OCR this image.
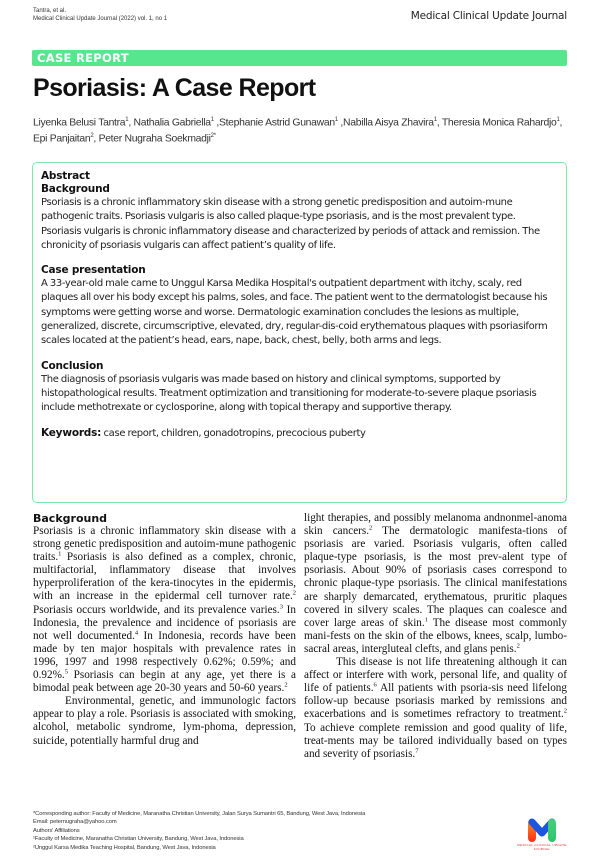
Tantra, et al.
Medical Clinical Update Journal (2022) vol. 1, no 1	Medical Clinical Update Journal
CASE REPORT
Psoriasis: A Case Report
Liyenka Belusi Tantra$^1$, Nathalia Gabriella$^1$ ,Stephanie Astrid Gunawan$^1$ ,Nabilla Aisya Zhavira$^1$, Theresia Monica Rahardjo$^1$, Epi Panjaitan$^2$, Peter Nugraha Soekmadji$^{2*}$
Abstract
Background

Psoriasis is a chronic inflammatory skin disease with a strong genetic predisposition and autoim-mune pathogenic traits. Psoriasis vulgaris is also called plaque-type psoriasis, and is the most prevalent type. Psoriasis vulgaris is chronic inflammatory disease and characterized by periods of attack and remission. The chronicity of psoriasis vulgaris can affect patient’s quality of life.

Case presentation

A 33-year-old male came to Unggul Karsa Medika Hospital's outpatient department with itchy, scaly, red plaques all over his body except his palms, soles, and face. The patient went to the dermatologist because his symptoms were getting worse and worse. Dermatologic examination concludes the lesions as multiple, generalized, discrete, circumscriptive, elevated, dry, regular-dis-coid erythematous plaques with psoriasiform scales located at the patient’s head, ears, nape, back, chest, belly, both arms and legs.

Conclusion

The diagnosis of psoriasis vulgaris was made based on history and clinical symptoms, supported by histopathological results. Treatment optimization and transitioning for moderate-to-severe plaque psoriasis include methotrexate or cyclosporine, along with topical therapy and supportive therapy.

Keywords: case report, children, gonadotropins, precocious puberty

Background

Psoriasis is a chronic inflammatory skin disease with a strong genetic predisposition and autoim-mune pathogenic traits.$^1$ Psoriasis is also defined as a complex, chronic, multifactorial, inflammatory disease that involves hyperproliferation of the kera-tinocytes in the epidermis, with an increase in the epidermal cell turnover rate.$^2$ Psoriasis occurs worldwide, and its prevalence varies.$^3$ In Indonesia, the prevalence and incidence of psoriasis are not well documented.$^4$ In Indonesia, records have been made by ten major hospitals with prevalence rates in 1996, 1997 and 1998 respectively 0.62%; 0.59%; and 0.92%.$^5$ Psoriasis can begin at any age, yet there is a bimodal peak between age 20-30 years and 50-60 years.$^2$

Environmental, genetic, and immunologic factors appear to play a role. Psoriasis is associated with smoking, alcohol, metabolic syndrome, lym-phoma, depression, suicide, potentially harmful drug and

light therapies, and possibly melanoma andnonmel-anoma skin cancers.$^2$ The dermatologic manifesta-tions of psoriasis are varied. Psoriasis vulgaris, often called plaque-type psoriasis, is the most prev-alent type of psoriasis. About 90% of psoriasis cases correspond to chronic plaque-type psoriasis. The clinical manifestations are sharply demarcated, erythematous, pruritic plaques covered in silvery scales. The plaques can coalesce and cover large areas of skin.$^1$ The disease most commonly mani-fests on the skin of the elbows, knees, scalp, lumbo-sacral areas, intergluteal clefts, and glans penis.$^2$

This disease is not life threatening although it can affect or interfere with work, personal life, and quality of life of patients.$^6$ All patients with psoria-sis need lifelong follow-up because psoriasis marked by remissions and exacerbations and is sometimes refractory to treatment.$^2$ To achieve complete remission and good quality of life, treat-ments may be tailored individually based on types and severity of psoriasis.$^7$

*Corresponding author: Faculty of Medicine, Maranatha Christian University, Jalan Surya Sumantri 65, Bandung, West Java, Indonesia
Email: peternugraha@yahoo.com
Authors' Affiliations
¹Faculty of Medicine, Maranatha Christian University, Bandung, West Java, Indonesia
²Unggul Karsa Medika Teaching Hospital, Bandung, West Java, Indonesia	MEDICAL CLINICAL UPDATE
JOURNAL
